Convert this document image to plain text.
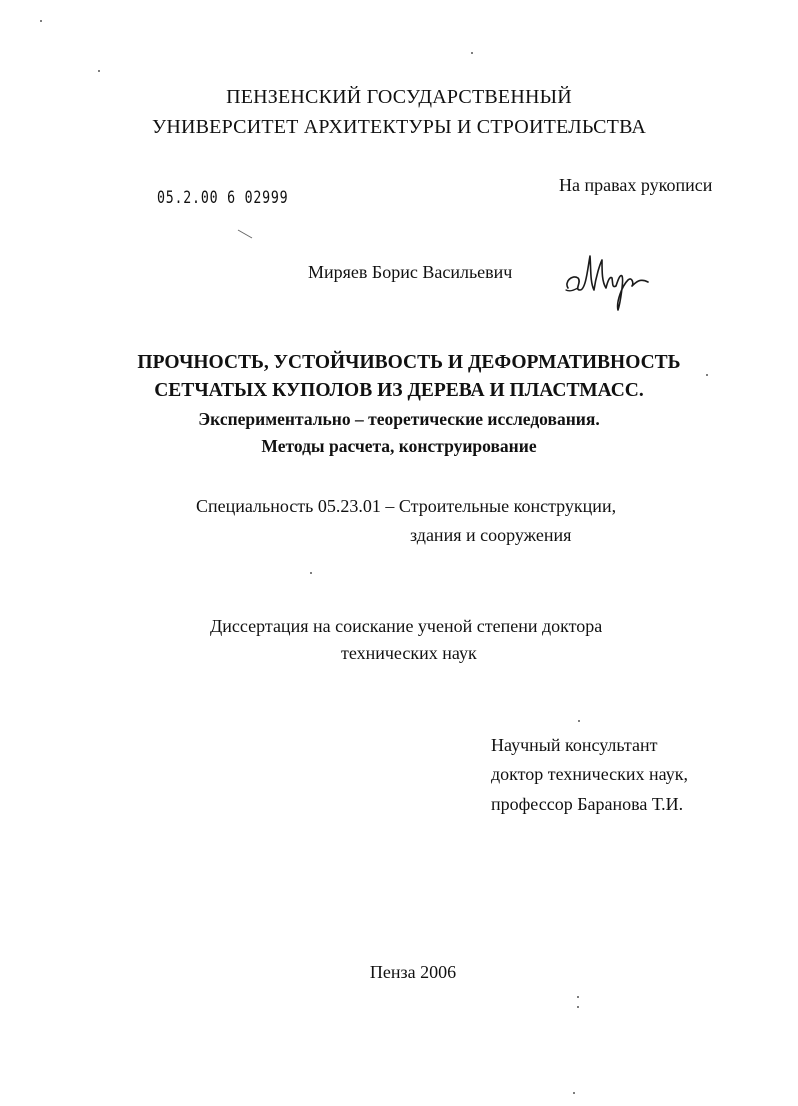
ПЕНЗЕНСКИЙ ГОСУДАРСТВЕННЫЙ
УНИВЕРСИТЕТ АРХИТЕКТУРЫ И СТРОИТЕЛЬСТВА
05.2.00 6 02999
На правах рукописи
Миряев Борис Васильевич
ПРОЧНОСТЬ, УСТОЙЧИВОСТЬ И ДЕФОРМАТИВНОСТЬ
СЕТЧАТЫХ КУПОЛОВ ИЗ ДЕРЕВА И ПЛАСТМАСС.
Экспериментально – теоретические исследования.
Методы расчета, конструирование
Специальность 05.23.01 – Строительные конструкции,
здания и сооружения
Диссертация на соискание ученой степени доктора
технических наук
Научный консультант
доктор технических наук,
профессор Баранова Т.И.
Пенза 2006
